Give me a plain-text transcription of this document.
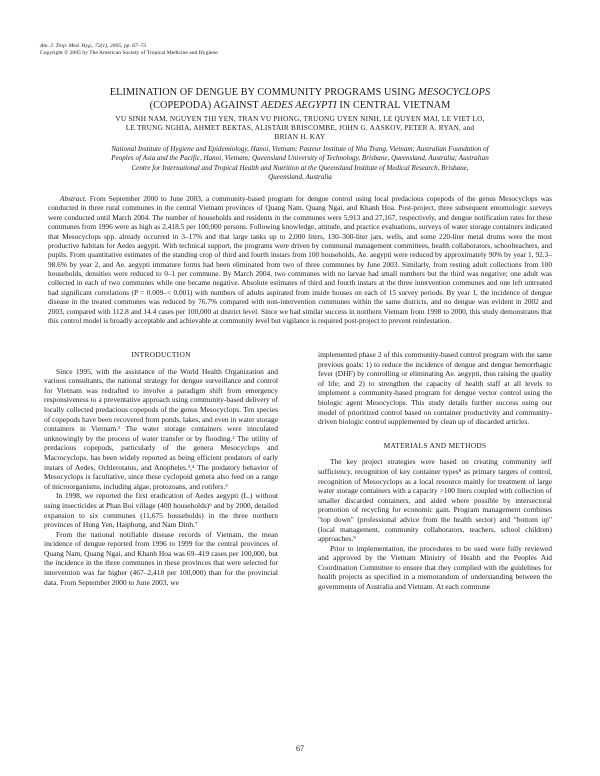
Am. J. Trop. Med. Hyg., 72(1), 2005, pp. 67–73
Copyright © 2005 by The American Society of Tropical Medicine and Hygiene
ELIMINATION OF DENGUE BY COMMUNITY PROGRAMS USING MESOCYCLOPS
(COPEPODA) AGAINST AEDES AEGYPTI IN CENTRAL VIETNAM
VU SINH NAM, NGUYEN THI YEN, TRAN VU PHONG, TRUONG UYEN NINH, LE QUYEN MAI, LE VIET LO,
LE TRUNG NGHIA, AHMET BEKTAS, ALISTAIR BRISCOMBE, JOHN G. AASKOV, PETER A. RYAN, and
BRIAN H. KAY
National Institute of Hygiene and Epidemiology, Hanoi, Vietnam; Pasteur Institute of Nha Trang, Vietnam; Australian Foundation of
Peoples of Asia and the Pacific, Hanoi, Vietnam; Queensland University of Technology, Brisbane, Queensland, Australia; Australian
Centre for International and Tropical Health and Nutrition at the Queensland Institute of Medical Research, Brisbane,
Queensland, Australia
Abstract. From September 2000 to June 2003, a community-based program for dengue control using local predacious copepods of the genus Mesocyclops was conducted in three rural communes in the central Vietnam provinces of Quang Nam, Quang Ngai, and Khanh Hoa. Post-project, three subsequent entomologic surveys were conducted until March 2004. The number of households and residents in the communes were 5,913 and 27,167, respectively, and dengue notification rates for these communes from 1996 were as high as 2,418.5 per 100,000 persons. Following knowledge, attitude, and practice evaluations, surveys of water storage containers indicated that Mesocyclops spp. already occurred in 3–17% and that large tanks up to 2,000 liters, 130–300-liter jars, wells, and some 220-liter metal drums were the most productive habitats for Aedes aegypti. With technical support, the programs were driven by communal management committees, health collaborators, schoolteachers, and pupils. From quantitative estimates of the standing crop of third and fourth instars from 100 households, Ae. aegypti were reduced by approximately 90% by year 1, 92.3–98.6% by year 2, and Ae. aegypti immature forms had been eliminated from two of three communes by June 2003. Similarly, from resting adult collections from 100 households, densities were reduced to 0–1 per commune. By March 2004, two communes with no larvae had small numbers but the third was negative; one adult was collected in each of two communes while one became negative. Absolute estimates of third and fourth instars at the three intervention communes and one left untreated had significant correlations (P = 0.009–< 0.001) with numbers of adults aspirated from inside houses on each of 15 survey periods. By year 1, the incidence of dengue disease in the treated communes was reduced by 76.7% compared with non-intervention communes within the same districts, and no dengue was evident in 2002 and 2003, compared with 112.8 and 14.4 cases per 100,000 at district level. Since we had similar success in northern Vietnam from 1998 to 2000, this study demonstrates that this control model is broadly acceptable and achievable at community level but vigilance is required post-project to prevent reinfestation.
INTRODUCTION

Since 1995, with the assistance of the World Health Organization and various consultants, the national strategy for dengue surveillance and control for Vietnam was redrafted to involve a paradigm shift from emergency responsiveness to a preventative approach using community-based delivery of locally collected predacious copepods of the genus Mesocyclops. Ten species of copepods have been recovered from ponds, lakes, and even in water storage containers in Vietnam.¹ The water storage containers were inoculated unknowingly by the process of water transfer or by flooding.² The utility of predacious copepods, particularly of the genera Mesocyclops and Macrocyclops, has been widely reported as being efficient predators of early instars of Aedes, Ochlerotatus, and Anopheles.³,⁴ The predatory behavior of Mesocyclops is facultative, since these cyclopoid genera also feed on a range of microorganisms, including algae, protozoans, and rotifers.⁵

In 1998, we reported the first eradication of Aedes aegypti (L.) without using insecticides at Phan Boi village (400 households)⁶ and by 2000, detailed expansion to six communes (11,675 households) in the three northern provinces of Hung Yen, Haiphong, and Nam Dinh.⁷

From the national notifiable disease records of Vietnam, the mean incidence of dengue reported from 1996 to 1999 for the central provinces of Quang Nam, Quang Ngai, and Khanh Hoa was 69–419 cases per 100,000, but the incidence in the three communes in these provinces that were selected for intervention was far higher (467–2,418 per 100,000) than for the provincial data. From September 2000 to June 2003, we

implemented phase 2 of this community-based control program with the same previous goals: 1) to reduce the incidence of dengue and dengue hemorrhagic fever (DHF) by controlling or eliminating Ae. aegypti, thus raising the quality of life; and 2) to strengthen the capacity of health staff at all levels to implement a community-based program for dengue vector control using the biologic agent Mesocyclops. This study details further success using our model of prioritized control based on container productivity and community-driven biologic control supplemented by clean up of discarded articles.

MATERIALS AND METHODS

The key project strategies were based on creating community self sufficiency, recognition of key container types⁸ as primary targets of control, recognition of Mesocyclops as a local resource mainly for treatment of large water storage containers with a capacity >100 liters coupled with collection of smaller discarded containers, and aided where possible by intersectoral promotion of recycling for economic gain. Program management combines "top down" (professional advice from the health sector) and "bottom up" (local management, community collaborators, teachers, school children) approaches.⁹

Prior to implementation, the procedures to be used were fully reviewed and approved by the Vietnam Ministry of Health and the Peoples Aid Coordination Committee to ensure that they complied with the guidelines for health projects as specified in a memorandum of understanding between the governments of Australia and Vietnam. At each commune

67
